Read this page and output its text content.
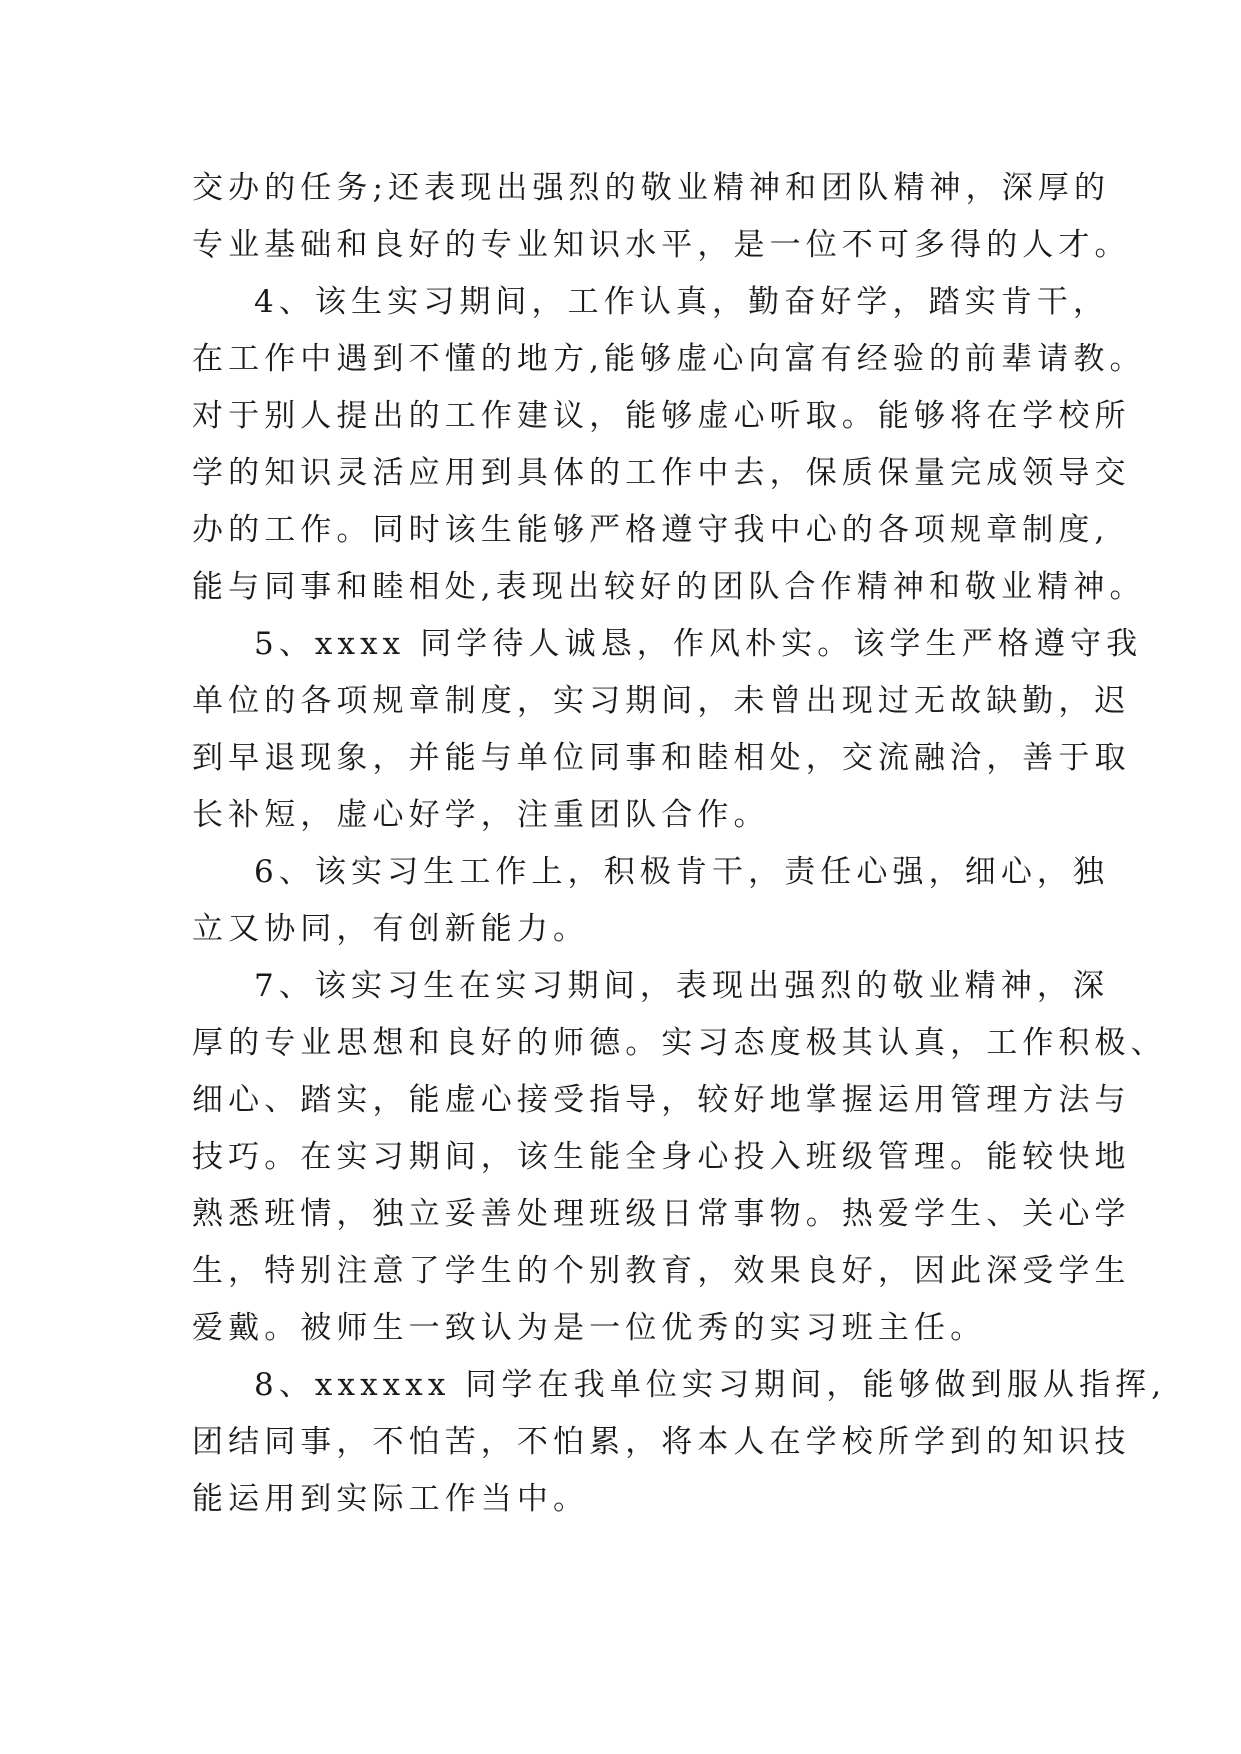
交办的任务;还表现出强烈的敬业精神和团队精神，深厚的
专业基础和良好的专业知识水平，是一位不可多得的人才。
4、该生实习期间，工作认真，勤奋好学，踏实肯干，
在工作中遇到不懂的地方,能够虚心向富有经验的前辈请教。
对于别人提出的工作建议，能够虚心听取。能够将在学校所
学的知识灵活应用到具体的工作中去，保质保量完成领导交
办的工作。同时该生能够严格遵守我中心的各项规章制度,
能与同事和睦相处,表现出较好的团队合作精神和敬业精神。
5、xxxx 同学待人诚恳，作风朴实。该学生严格遵守我
单位的各项规章制度，实习期间，未曾出现过无故缺勤，迟
到早退现象，并能与单位同事和睦相处，交流融洽，善于取
长补短，虚心好学，注重团队合作。
6、该实习生工作上，积极肯干，责任心强，细心，独
立又协同，有创新能力。
7、该实习生在实习期间，表现出强烈的敬业精神，深
厚的专业思想和良好的师德。实习态度极其认真，工作积极、
细心、踏实，能虚心接受指导，较好地掌握运用管理方法与
技巧。在实习期间，该生能全身心投入班级管理。能较快地
熟悉班情，独立妥善处理班级日常事物。热爱学生、关心学
生，特别注意了学生的个别教育，效果良好，因此深受学生
爱戴。被师生一致认为是一位优秀的实习班主任。
8、xxxxxx 同学在我单位实习期间，能够做到服从指挥,
团结同事，不怕苦，不怕累，将本人在学校所学到的知识技
能运用到实际工作当中。
